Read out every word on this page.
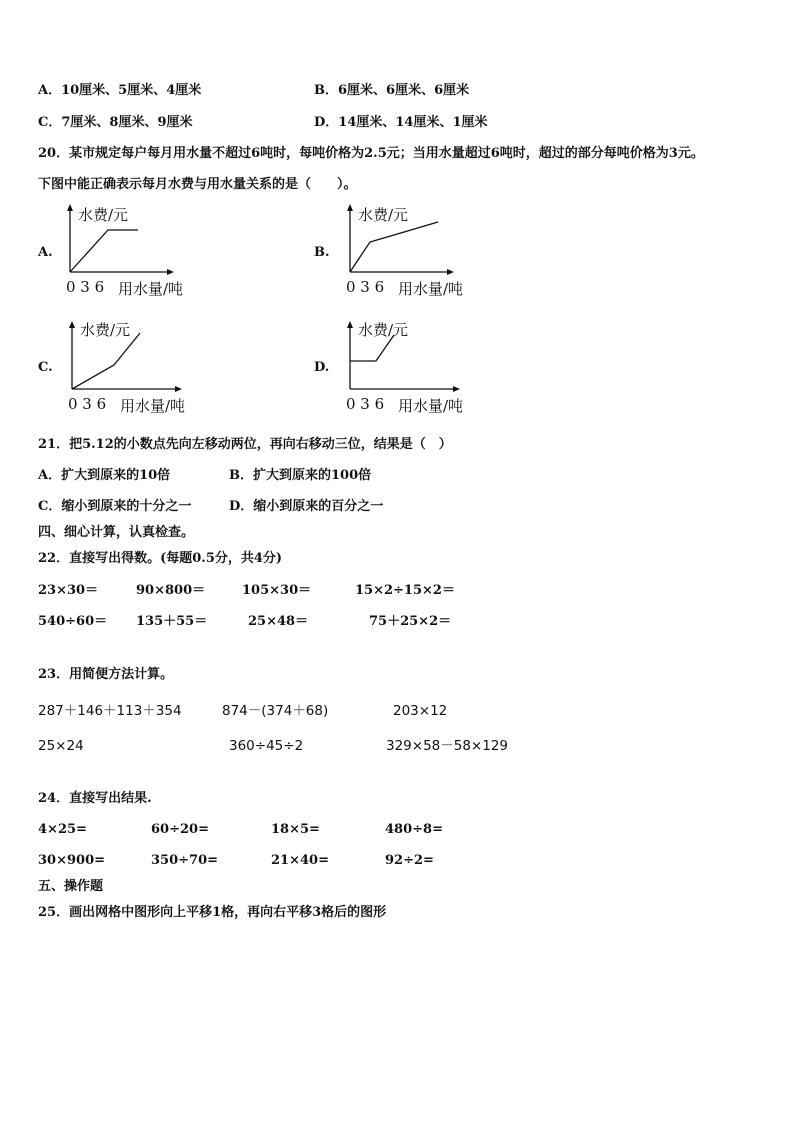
A．10厘米、5厘米、4厘米	B．6厘米、6厘米、6厘米
C．7厘米、8厘米、9厘米	D．14厘米、14厘米、1厘米
20．某市规定每户每月用水量不超过6吨时，每吨价格为2.5元；当用水量超过6吨时，超过的部分每吨价格为3元。
下图中能正确表示每月水费与用水量关系的是（　　）。
A.
水费/元
0 3 6 用水量/吨
B.
水费/元
0 3 6 用水量/吨
C.
水费/元
0 3 6 用水量/吨
D.
水费/元
0 3 6 用水量/吨
21．把5.12的小数点先向左移动两位，再向右移动三位，结果是（　）
A．扩大到原来的10倍	B．扩大到原来的100倍
C．缩小到原来的十分之一	D．缩小到原来的百分之一
四、细心计算，认真检查。
22．直接写出得数。(每题0.5分，共4分)
23×30＝	90×800＝	105×30＝	15×2÷15×2＝
540÷60＝ 135＋55＝	25×48＝	75＋25×2＝
23．用简便方法计算。
287＋146＋113＋354	874－(374＋68)	203×12
25×24	360÷45÷2	329×58－58×129
24．直接写出结果.
4×25=	60÷20=	18×5=	480÷8=
30×900=	350÷70=	21×40=	92÷2=
五、操作题
25．画出网格中图形向上平移1格，再向右平移3格后的图形
